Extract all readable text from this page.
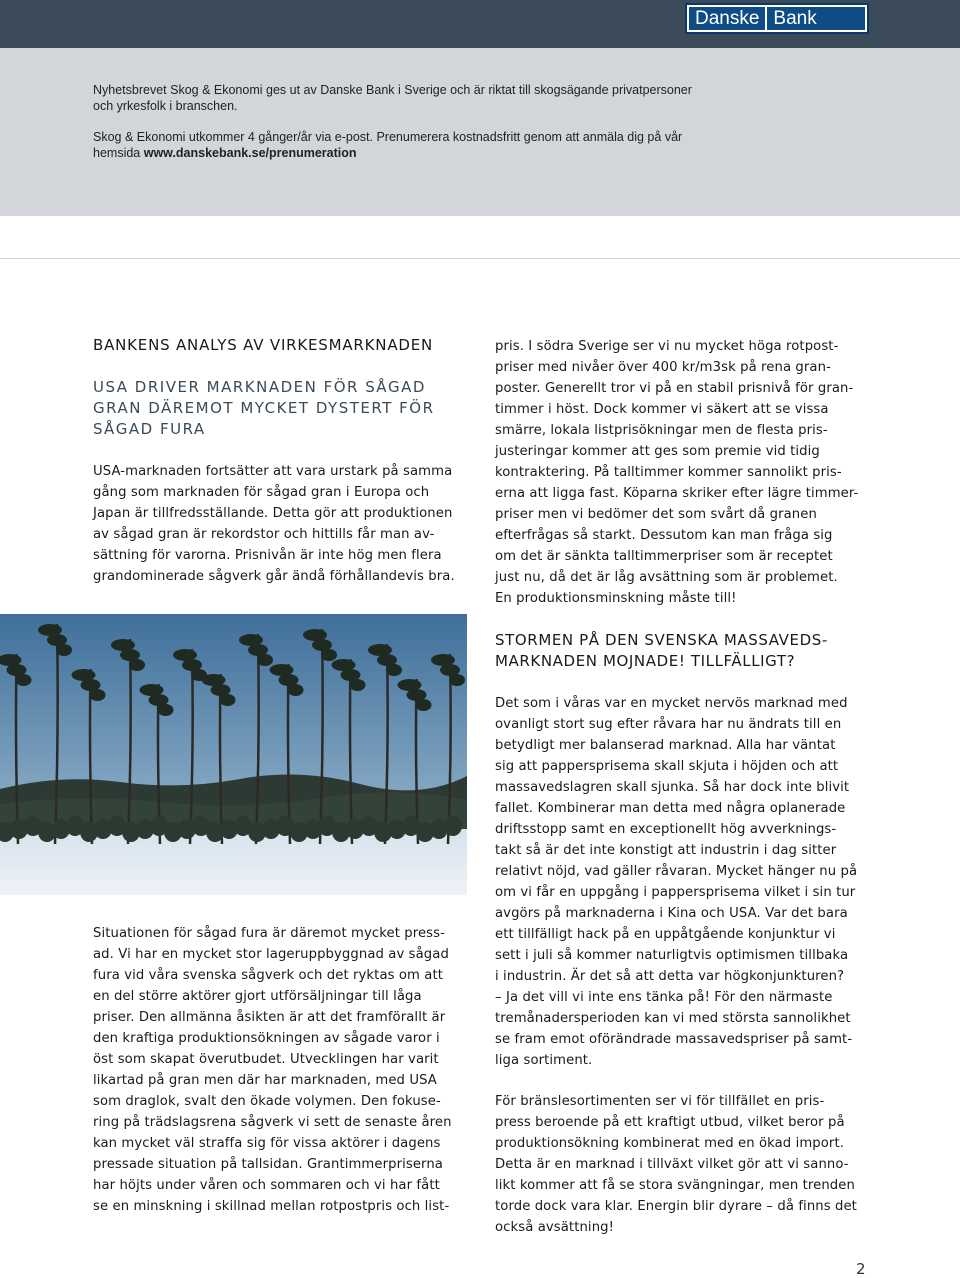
Danske Bank

Nyhetsbrevet Skog & Ekonomi ges ut av Danske Bank i Sverige och är riktat till skogsägande privatpersoner
och yrkesfolk i branschen.

Skog & Ekonomi utkommer 4 gånger/år via e-post. Prenumerera kostnadsfritt genom att anmäla dig på vår
hemsida www.danskebank.se/prenumeration

BANKENS ANALYS AV VIRKESMARKNADEN
USA DRIVER MARKNADEN FÖR SÅGAD
GRAN DÄREMOT MYCKET DYSTERT FÖR
SÅGAD FURA
USA-marknaden fortsätter att vara urstark på samma
gång som marknaden för sågad gran i Europa och
Japan är tillfredsställande. Detta gör att produktionen
av sågad gran är rekordstor och hittills får man av-
sättning för varorna. Prisnivån är inte hög men flera
grandominerade sågverk går ändå förhållandevis bra.
Situationen för sågad fura är däremot mycket press-
ad. Vi har en mycket stor lageruppbyggnad av sågad
fura vid våra svenska sågverk och det ryktas om att
en del större aktörer gjort utförsäljningar till låga
priser. Den allmänna åsikten är att det framförallt är
den kraftiga produktionsökningen av sågade varor i
öst som skapat överutbudet. Utvecklingen har varit
likartad på gran men där har marknaden, med USA
som draglok, svalt den ökade volymen. Den fokuse-
ring på trädslagsrena sågverk vi sett de senaste åren
kan mycket väl straffa sig för vissa aktörer i dagens
pressade situation på tallsidan. Grantimmerpriserna
har höjts under våren och sommaren och vi har fått
se en minskning i skillnad mellan rotpostpris och list-
pris. I södra Sverige ser vi nu mycket höga rotpost-
priser med nivåer över 400 kr/m3sk på rena gran-
poster. Generellt tror vi på en stabil prisnivå för gran-
timmer i höst. Dock kommer vi säkert att se vissa
smärre, lokala listprisökningar men de flesta pris-
justeringar kommer att ges som premie vid tidig
kontraktering. På talltimmer kommer sannolikt pris-
erna att ligga fast. Köparna skriker efter lägre timmer-
priser men vi bedömer det som svårt då granen
efterfrågas så starkt. Dessutom kan man fråga sig
om det är sänkta talltimmerpriser som är receptet
just nu, då det är låg avsättning som är problemet.
En produktionsminskning måste till!
STORMEN PÅ DEN SVENSKA MASSAVEDS-
MARKNADEN MOJNADE! TILLFÄLLIGT?
Det som i våras var en mycket nervös marknad med
ovanligt stort sug efter råvara har nu ändrats till en
betydligt mer balanserad marknad. Alla har väntat
sig att pappersprisema skall skjuta i höjden och att
massavedslagren skall sjunka. Så har dock inte blivit
fallet. Kombinerar man detta med några oplanerade
driftsstopp samt en exceptionellt hög avverknings-
takt så är det inte konstigt att industrin i dag sitter
relativt nöjd, vad gäller råvaran. Mycket hänger nu på
om vi får en uppgång i pappersprisema vilket i sin tur
avgörs på marknaderna i Kina och USA. Var det bara
ett tillfälligt hack på en uppåtgående konjunktur vi
sett i juli så kommer naturligtvis optimismen tillbaka
i industrin. Är det så att detta var högkonjunkturen?
– Ja det vill vi inte ens tänka på! För den närmaste
tremånadersperioden kan vi med största sannolikhet
se fram emot oförändrade massavedspriser på samt-
liga sortiment.
För bränslesortimenten ser vi för tillfället en pris-
press beroende på ett kraftigt utbud, vilket beror på
produktionsökning kombinerat med en ökad import.
Detta är en marknad i tillväxt vilket gör att vi sanno-
likt kommer att få se stora svängningar, men trenden
torde dock vara klar. Energin blir dyrare – då finns det
också avsättning!
2
